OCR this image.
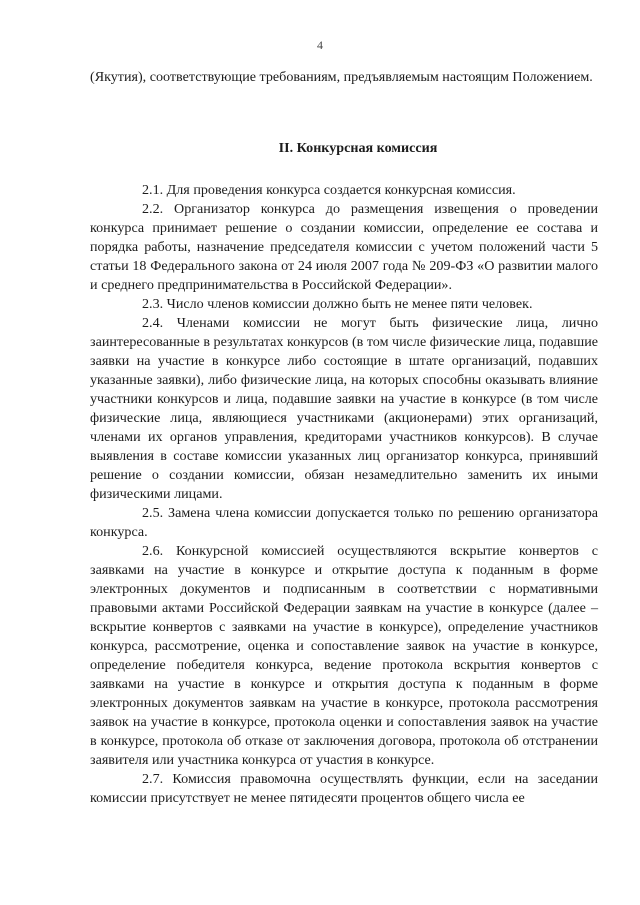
4

(Якутия), соответствующие требованиям, предъявляемым настоящим Положением.

II. Конкурсная комиссия

2.1. Для проведения конкурса создается конкурсная комиссия.

2.2. Организатор конкурса до размещения извещения о проведении конкурса принимает решение о создании комиссии, определение ее состава и порядка работы, назначение председателя комиссии с учетом положений части 5 статьи 18 Федерального закона от 24 июля 2007 года № 209-ФЗ «О развитии малого и среднего предпринимательства в Российской Федерации».

2.3. Число членов комиссии должно быть не менее пяти человек.

2.4. Членами комиссии не могут быть физические лица, лично заинтересованные в результатах конкурсов (в том числе физические лица, подавшие заявки на участие в конкурсе либо состоящие в штате организаций, подавших указанные заявки), либо физические лица, на которых способны оказывать влияние участники конкурсов и лица, подавшие заявки на участие в конкурсе (в том числе физические лица, являющиеся участниками (акционерами) этих организаций, членами их органов управления, кредиторами участников конкурсов). В случае выявления в составе комиссии указанных лиц организатор конкурса, принявший решение о создании комиссии, обязан незамедлительно заменить их иными физическими лицами.

2.5. Замена члена комиссии допускается только по решению организатора конкурса.

2.6. Конкурсной комиссией осуществляются вскрытие конвертов с заявками на участие в конкурсе и открытие доступа к поданным в форме электронных документов и подписанным в соответствии с нормативными правовыми актами Российской Федерации заявкам на участие в конкурсе (далее – вскрытие конвертов с заявками на участие в конкурсе), определение участников конкурса, рассмотрение, оценка и сопоставление заявок на участие в конкурсе, определение победителя конкурса, ведение протокола вскрытия конвертов с заявками на участие в конкурсе и открытия доступа к поданным в форме электронных документов заявкам на участие в конкурсе, протокола рассмотрения заявок на участие в конкурсе, протокола оценки и сопоставления заявок на участие в конкурсе, протокола об отказе от заключения договора, протокола об отстранении заявителя или участника конкурса от участия в конкурсе.

2.7. Комиссия правомочна осуществлять функции, если на заседании комиссии присутствует не менее пятидесяти процентов общего числа ее
